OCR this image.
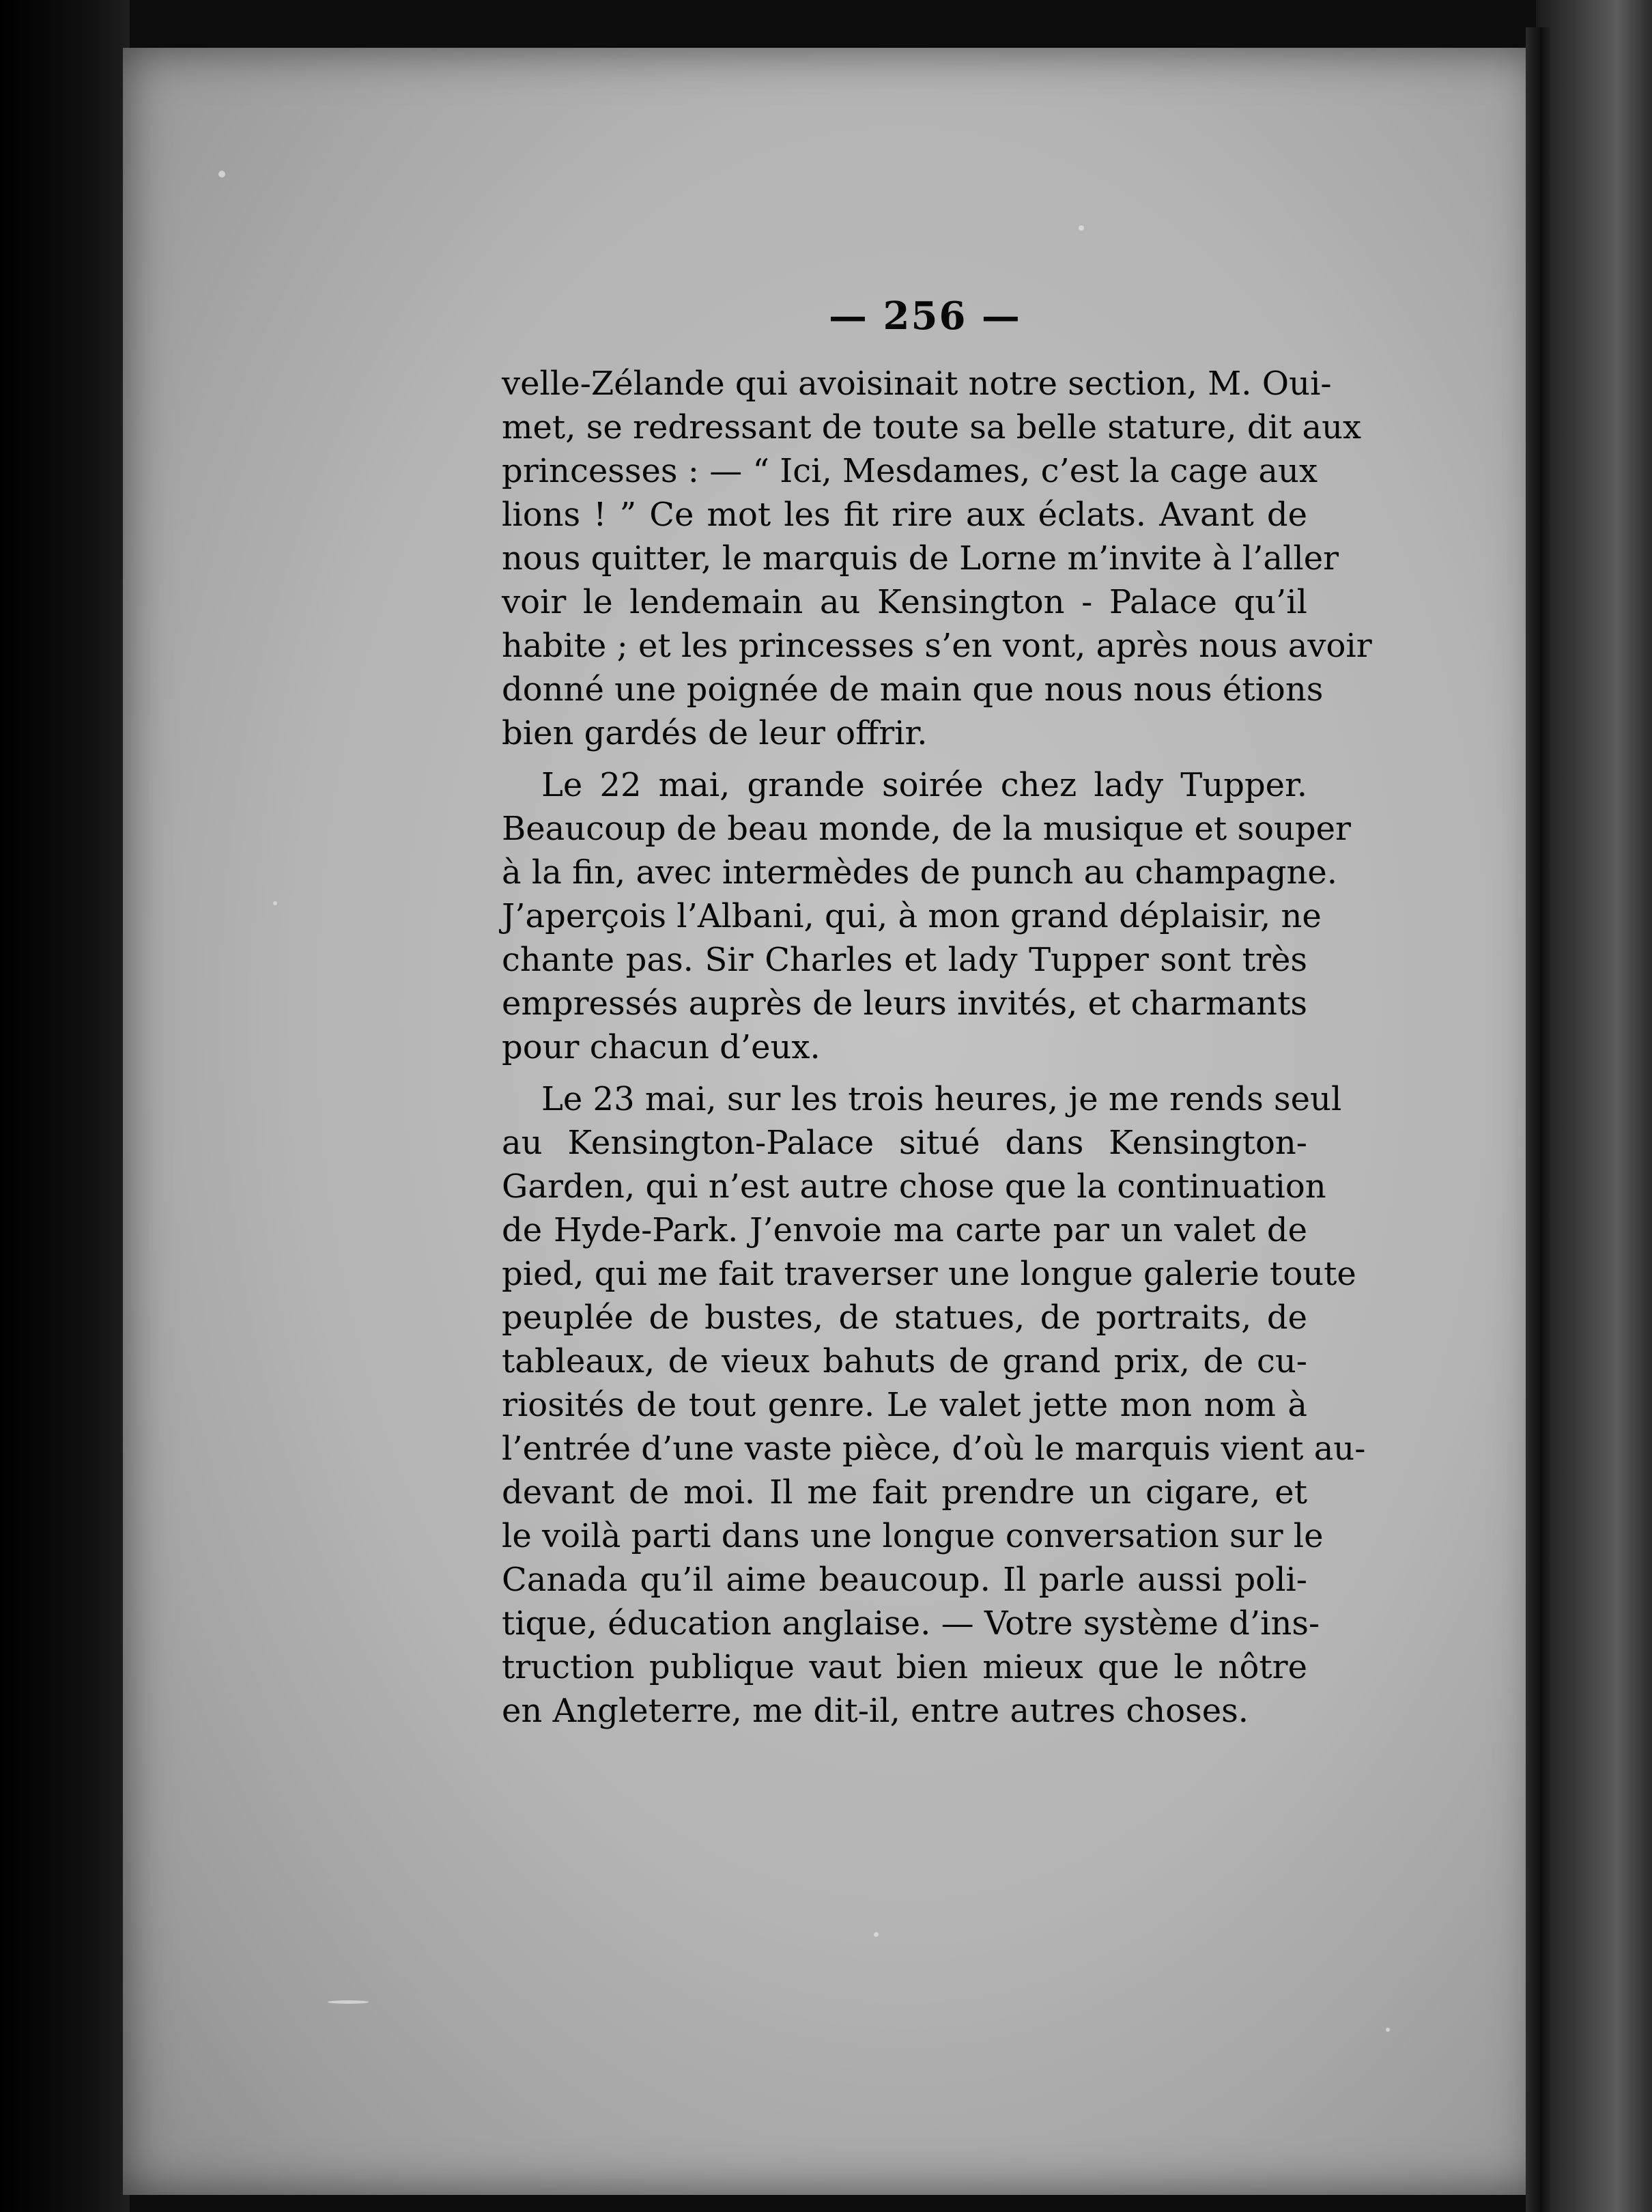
— 256 —

velle-Zélande qui avoisinait notre section, M. Oui-
met, se redressant de toute sa belle stature, dit aux
princesses : — “ Ici, Mesdames, c’est la cage aux
lions ! ” Ce mot les fit rire aux éclats. Avant de
nous quitter, le marquis de Lorne m’invite à l’aller
voir le lendemain au Kensington - Palace qu’il
habite ; et les princesses s’en vont, après nous avoir
donné une poignée de main que nous nous étions
bien gardés de leur offrir.

Le 22 mai, grande soirée chez lady Tupper.
Beaucoup de beau monde, de la musique et souper
à la fin, avec intermèdes de punch au champagne.
J’aperçois l’Albani, qui, à mon grand déplaisir, ne
chante pas. Sir Charles et lady Tupper sont très
empressés auprès de leurs invités, et charmants
pour chacun d’eux.

Le 23 mai, sur les trois heures, je me rends seul
au Kensington-Palace situé dans Kensington-
Garden, qui n’est autre chose que la continuation
de Hyde-Park. J’envoie ma carte par un valet de
pied, qui me fait traverser une longue galerie toute
peuplée de bustes, de statues, de portraits, de
tableaux, de vieux bahuts de grand prix, de cu-
riosités de tout genre. Le valet jette mon nom à
l’entrée d’une vaste pièce, d’où le marquis vient au-
devant de moi. Il me fait prendre un cigare, et
le voilà parti dans une longue conversation sur le
Canada qu’il aime beaucoup. Il parle aussi poli-
tique, éducation anglaise. — Votre système d’ins-
truction publique vaut bien mieux que le nôtre
en Angleterre, me dit-il, entre autres choses.
